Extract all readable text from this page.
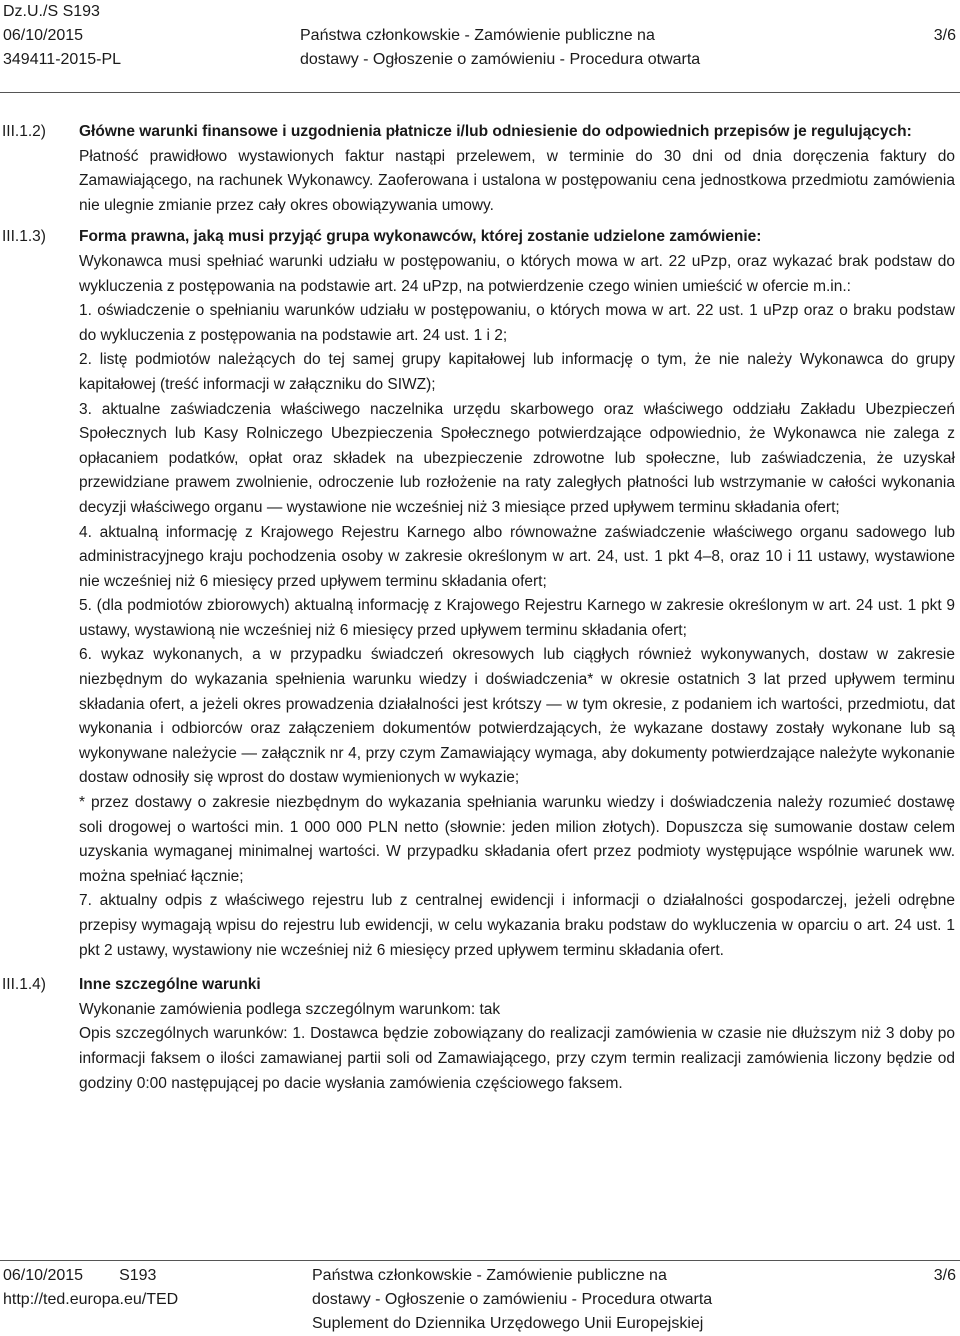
Dz.U./S S193
06/10/2015
349411-2015-PL
Państwa członkowskie - Zamówienie publiczne na
dostawy - Ogłoszenie o zamówieniu - Procedura otwarta
3/6
III.1.2)	Główne warunki finansowe i uzgodnienia płatnicze i/lub odniesienie do odpowiednich przepisów je regulujących:

Płatność prawidłowo wystawionych faktur nastąpi przelewem, w terminie do 30 dni od dnia doręczenia faktury do Zamawiającego, na rachunek Wykonawcy. Zaoferowana i ustalona w postępowaniu cena jednostkowa przedmiotu zamówienia nie ulegnie zmianie przez cały okres obowiązywania umowy.

III.1.3)	Forma prawna, jaką musi przyjąć grupa wykonawców, której zostanie udzielone zamówienie:

Wykonawca musi spełniać warunki udziału w postępowaniu, o których mowa w art. 22 uPzp, oraz wykazać brak podstaw do wykluczenia z postępowania na podstawie art. 24 uPzp, na potwierdzenie czego winien umieścić w ofercie m.in.:

1. oświadczenie o spełnianiu warunków udziału w postępowaniu, o których mowa w art. 22 ust. 1 uPzp oraz o braku podstaw do wykluczenia z postępowania na podstawie art. 24 ust. 1 i 2;

2. listę podmiotów należących do tej samej grupy kapitałowej lub informację o tym, że nie należy Wykonawca do grupy kapitałowej (treść informacji w załączniku do SIWZ);

3. aktualne zaświadczenia właściwego naczelnika urzędu skarbowego oraz właściwego oddziału Zakładu Ubezpieczeń Społecznych lub Kasy Rolniczego Ubezpieczenia Społecznego potwierdzające odpowiednio, że Wykonawca nie zalega z opłacaniem podatków, opłat oraz składek na ubezpieczenie zdrowotne lub społeczne, lub zaświadczenia, że uzyskał przewidziane prawem zwolnienie, odroczenie lub rozłożenie na raty zaległych płatności lub wstrzymanie w całości wykonania decyzji właściwego organu — wystawione nie wcześniej niż 3 miesiące przed upływem terminu składania ofert;

4. aktualną informację z Krajowego Rejestru Karnego albo równoważne zaświadczenie właściwego organu sadowego lub administracyjnego kraju pochodzenia osoby w zakresie określonym w art. 24, ust. 1 pkt 4–8, oraz 10 i 11 ustawy, wystawione nie wcześniej niż 6 miesięcy przed upływem terminu składania ofert;

5. (dla podmiotów zbiorowych) aktualną informację z Krajowego Rejestru Karnego w zakresie określonym w art. 24 ust. 1 pkt 9 ustawy, wystawioną nie wcześniej niż 6 miesięcy przed upływem terminu składania ofert;

6. wykaz wykonanych, a w przypadku świadczeń okresowych lub ciągłych również wykonywanych, dostaw w zakresie niezbędnym do wykazania spełnienia warunku wiedzy i doświadczenia* w okresie ostatnich 3 lat przed upływem terminu składania ofert, a jeżeli okres prowadzenia działalności jest krótszy — w tym okresie, z podaniem ich wartości, przedmiotu, dat wykonania i odbiorców oraz załączeniem dokumentów potwierdzających, że wykazane dostawy zostały wykonane lub są wykonywane należycie — załącznik nr 4, przy czym Zamawiający wymaga, aby dokumenty potwierdzające należyte wykonanie dostaw odnosiły się wprost do dostaw wymienionych w wykazie;

* przez dostawy o zakresie niezbędnym do wykazania spełniania warunku wiedzy i doświadczenia należy rozumieć dostawę soli drogowej o wartości min. 1 000 000 PLN netto (słownie: jeden milion złotych). Dopuszcza się sumowanie dostaw celem uzyskania wymaganej minimalnej wartości. W przypadku składania ofert przez podmioty występujące wspólnie warunek ww. można spełniać łącznie;

7. aktualny odpis z właściwego rejestru lub z centralnej ewidencji i informacji o działalności gospodarczej, jeżeli odrębne przepisy wymagają wpisu do rejestru lub ewidencji, w celu wykazania braku podstaw do wykluczenia w oparciu o art. 24 ust. 1 pkt 2 ustawy, wystawiony nie wcześniej niż 6 miesięcy przed upływem terminu składania ofert.

III.1.4)	Inne szczególne warunki

Wykonanie zamówienia podlega szczególnym warunkom: tak

Opis szczególnych warunków: 1. Dostawca będzie zobowiązany do realizacji zamówienia w czasie nie dłuższym niż 3 doby po informacji faksem o ilości zamawianej partii soli od Zamawiającego, przy czym termin realizacji zamówienia liczony będzie od godziny 0:00 następującej po dacie wysłania zamówienia częściowego faksem.

06/10/2015 S193
http://ted.europa.eu/TED
Państwa członkowskie - Zamówienie publiczne na
dostawy - Ogłoszenie o zamówieniu - Procedura otwarta
Suplement do Dziennika Urzędowego Unii Europejskiej
3/6
